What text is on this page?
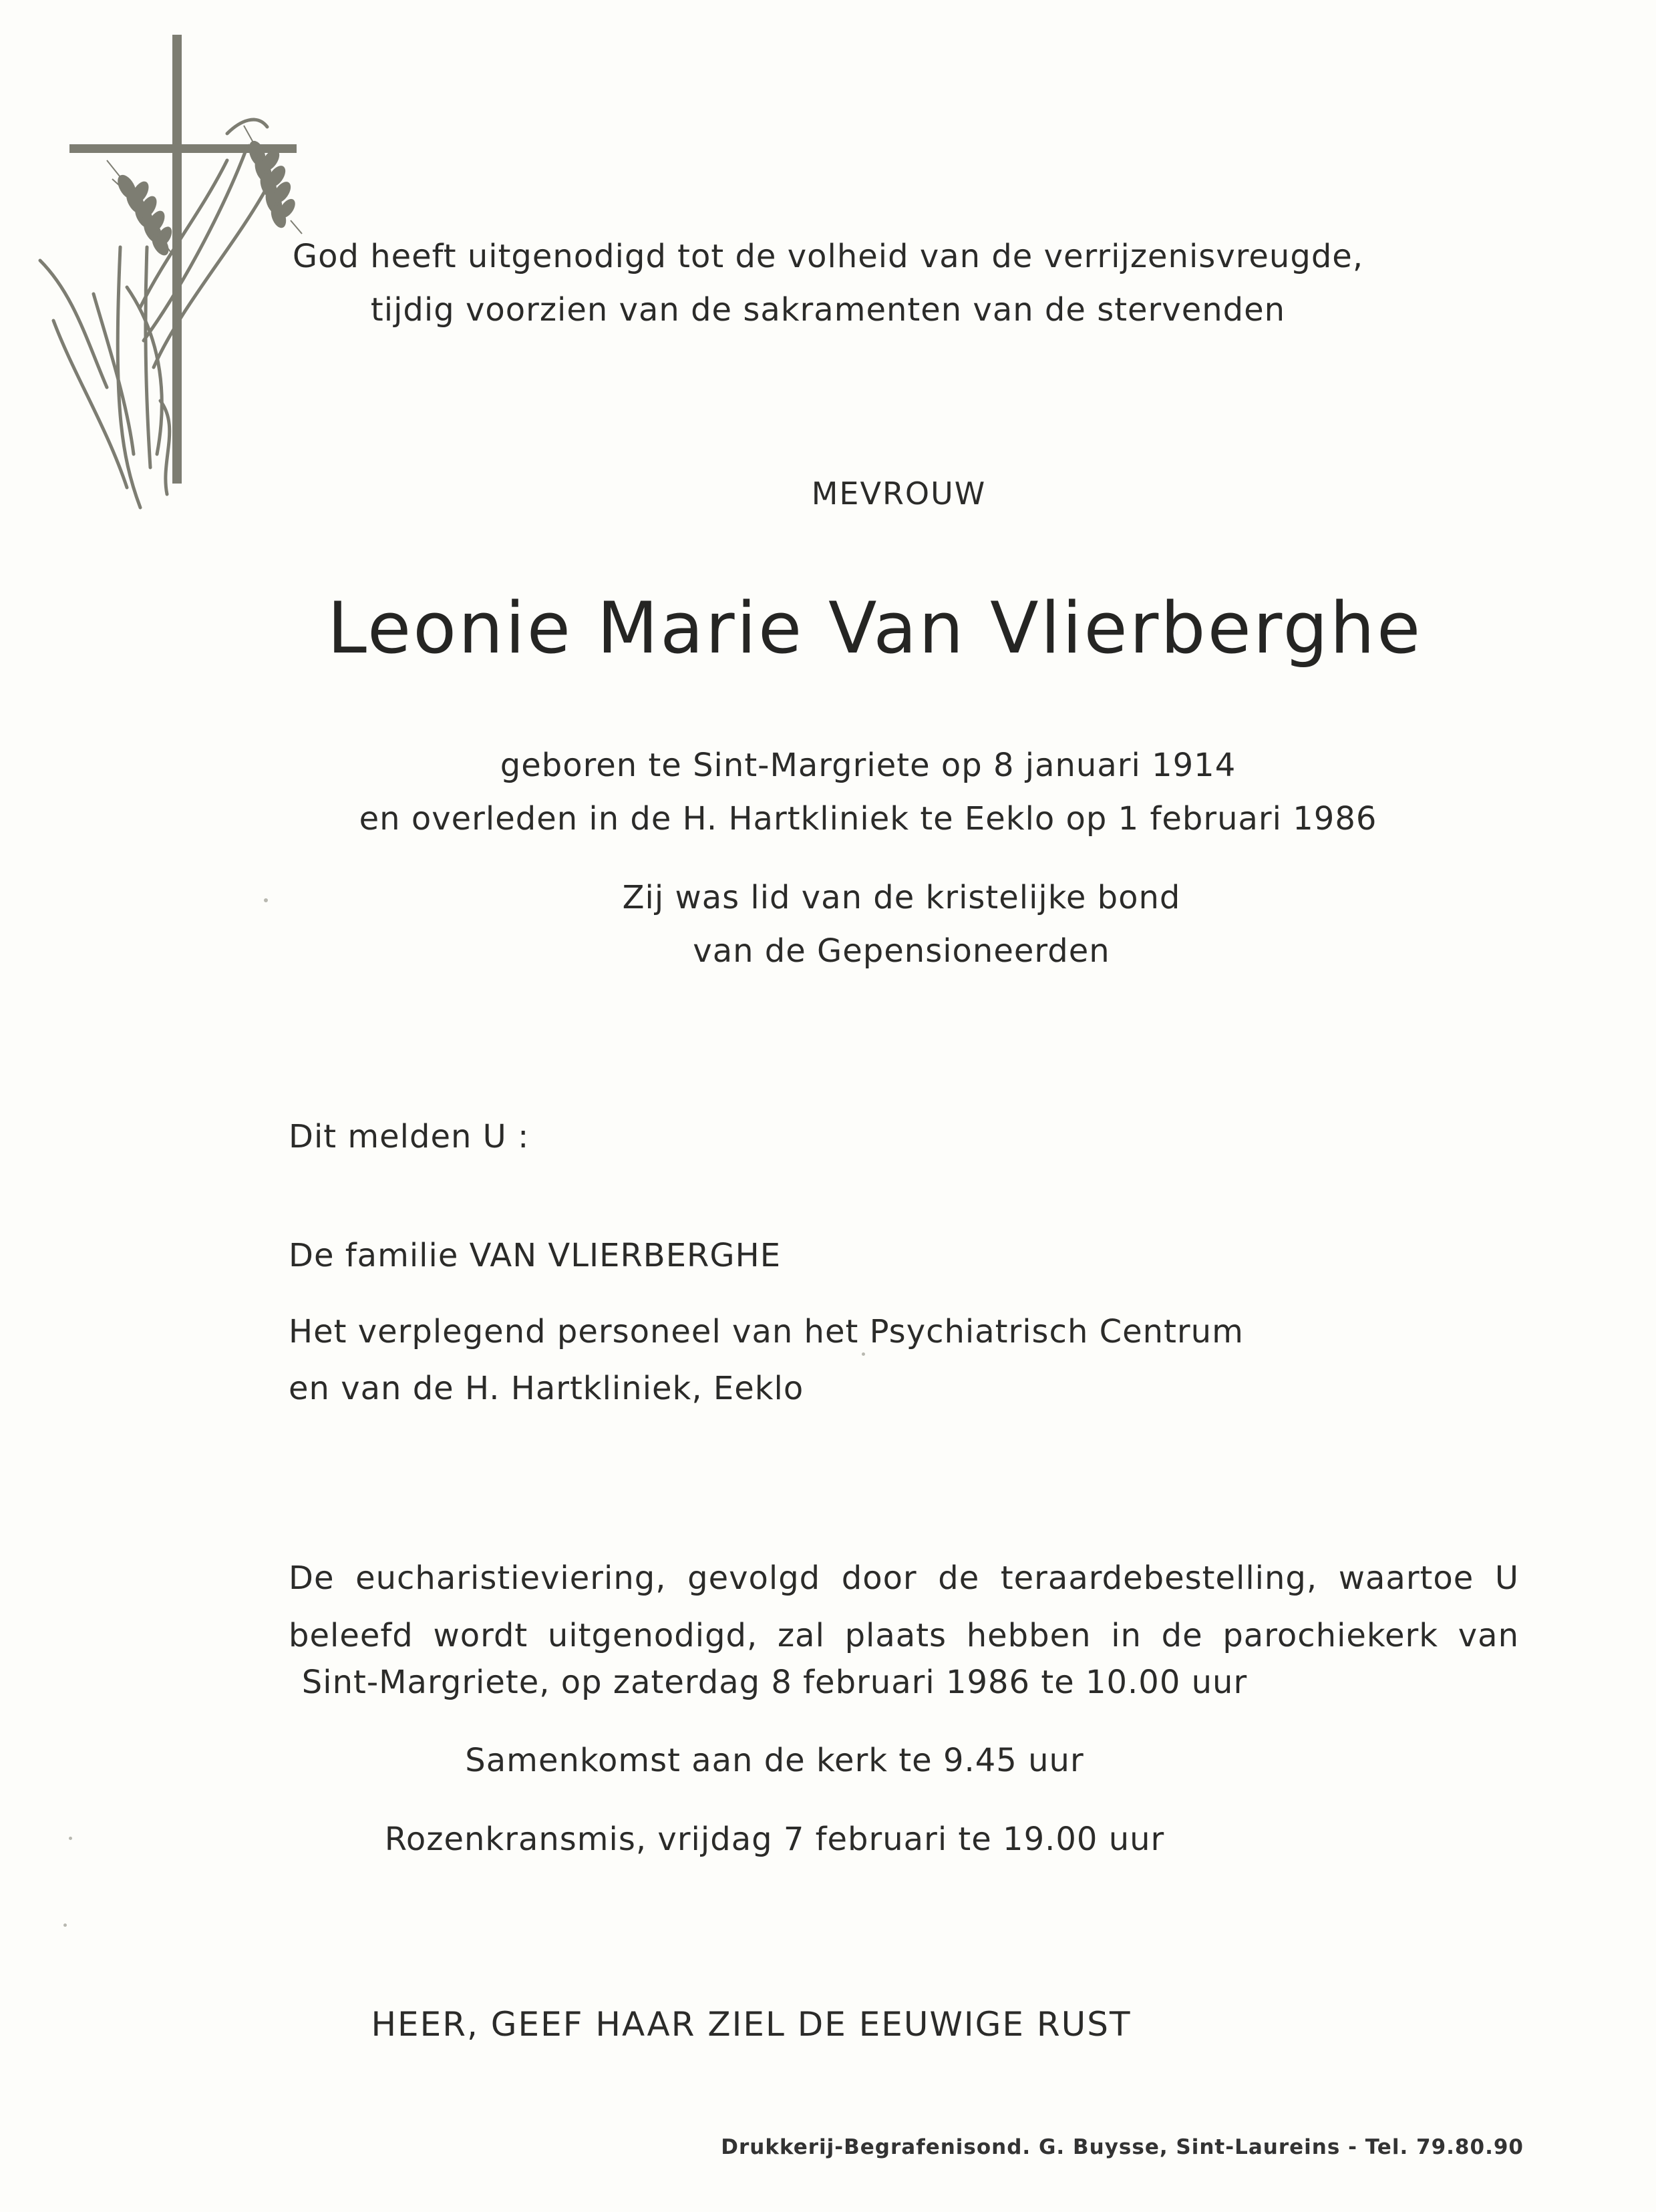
God heeft uitgenodigd tot de volheid van de verrijzenisvreugde,
tijdig voorzien van de sakramenten van de stervenden
MEVROUW
Leonie Marie Van Vlierberghe
geboren te Sint-Margriete op 8 januari 1914
en overleden in de H. Hartkliniek te Eeklo op 1 februari 1986
Zij was lid van de kristelijke bond
van de Gepensioneerden
Dit melden U :
De familie VAN VLIERBERGHE
Het verplegend personeel van het Psychiatrisch Centrum
en van de H. Hartkliniek, Eeklo
De eucharistieviering, gevolgd door de teraardebestelling, waartoe U
beleefd wordt uitgenodigd, zal plaats hebben in de parochiekerk van
Sint-Margriete, op zaterdag 8 februari 1986 te 10.00 uur
Samenkomst aan de kerk te 9.45 uur
Rozenkransmis, vrijdag 7 februari te 19.00 uur
HEER, GEEF HAAR ZIEL DE EEUWIGE RUST
Drukkerij-Begrafenisond. G. Buysse, Sint-Laureins - Tel. 79.80.90
